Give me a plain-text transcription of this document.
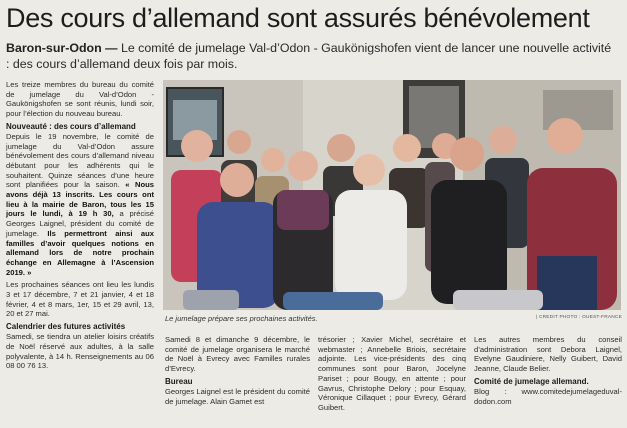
Des cours d’allemand sont assurés bénévolement
Baron-sur-Odon — Le comité de jumelage Val-d’Odon - Gaukönigshofen vient de lancer une nouvelle activité : des cours d’allemand deux fois par mois.

Les treize membres du bureau du comité de jumelage du Val-d’Odon - Gaukönigshofen se sont réunis, lundi soir, pour l’élection du nouveau bureau.

Nouveauté : des cours d’allemand

Depuis le 19 novembre, le comité de jumelage du Val-d’Odon assure bénévolement des cours d’allemand niveau débutant pour les adhérents qui le souhaitent. Quinze séances d’une heure sont planifiées pour la saison. « Nous avons déjà 13 inscrits. Les cours ont lieu à la mairie de Baron, tous les 15 jours le lundi, à 19 h 30, a précisé Georges Laignel, président du comité de jumelage. Ils permettront ainsi aux familles d’avoir quelques notions en allemand lors de notre prochain échange en Allemagne à l’Ascension 2019. »

Les prochaines séances ont lieu les lundis 3 et 17 décembre, 7 et 21 janvier, 4 et 18 février, 4 et 8 mars, 1er, 15 et 29 avril, 13, 20 et 27 mai.

Calendrier des futures activités

Samedi, se tiendra un atelier loisirs créatifs de Noël réservé aux adultes, à la salle polyvalente, à 14 h. Renseignements au 06 08 00 76 13.

Le jumelage prépare ses prochaines activités.	| CREDIT PHOTO : OUEST-FRANCE

Samedi 8 et dimanche 9 décembre, le comité de jumelage organisera le marché de Noël à Evrecy avec Familles rurales d’Evrecy.

Bureau

Georges Laignel est le président du comité de jumelage. Alain Gamet est

trésorier ; Xavier Michel, secrétaire et webmaster ; Annebelle Briois, secrétaire adjointe. Les vice-présidents des cinq communes sont pour Baron, Jocelyne Pariset ; pour Bougy, en attente ; pour Gavrus, Christophe Delory ; pour Esquay, Véronique Cillaquet ; pour Evrecy, Gérard Guibert.

Les autres membres du conseil d’administration sont Debora Laignel, Evelyne Gaudiniere, Nelly Guibert, David Jeanne, Claude Belier.

Comité de jumelage allemand.

Blog : www.comitedejumelageduval-dodon.com
